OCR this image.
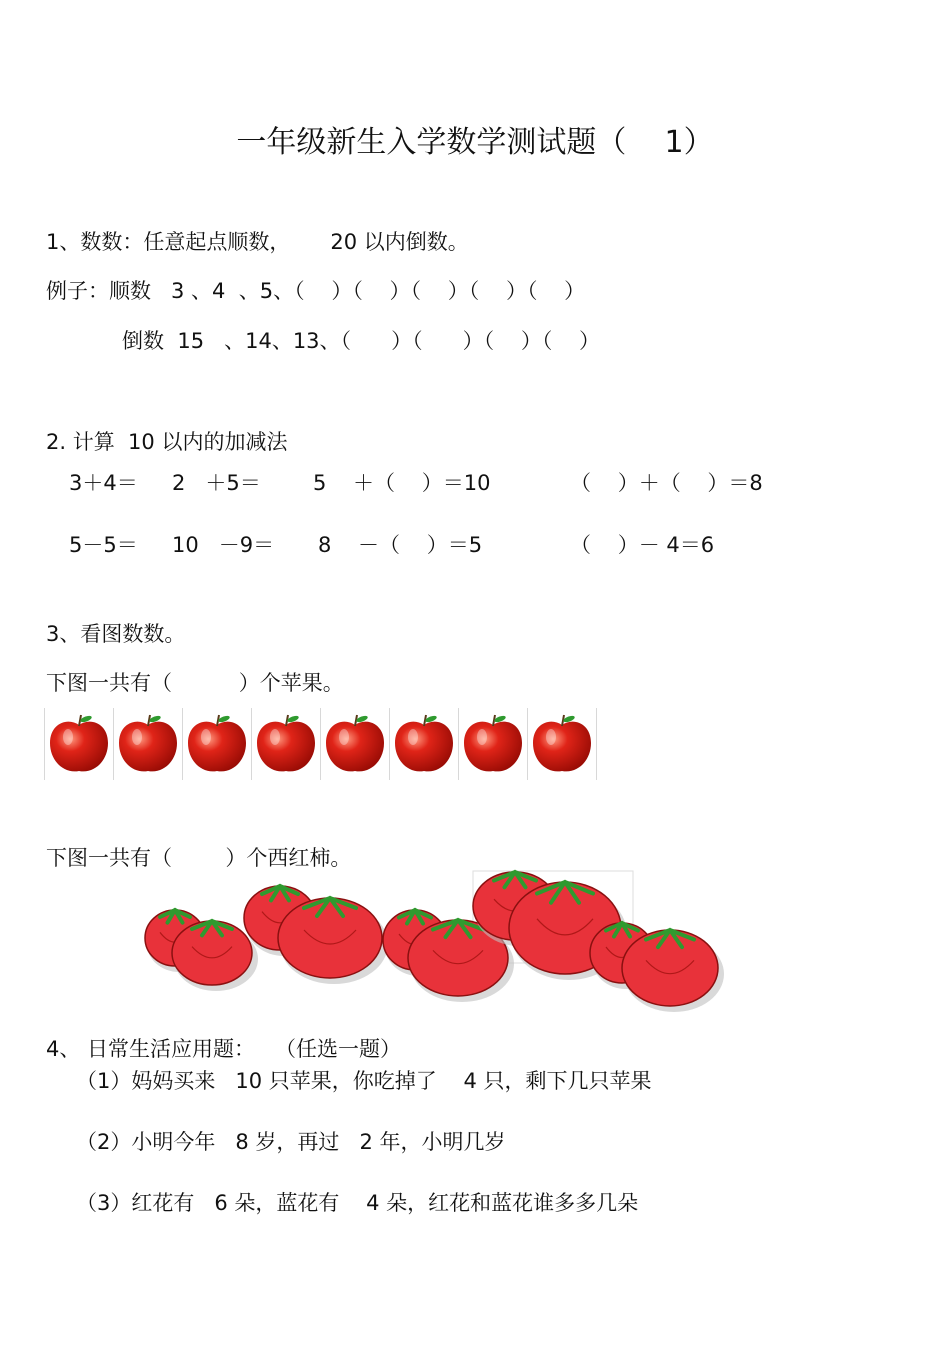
一年级新生入学数学测试题（    1）
1、数数：任意起点顺数，      20 以内倒数。
例子：顺数   3 、4  、5、（    ）（    ）（    ）（    ）（    ）
倒数  15   、14、13、（      ）（      ）（    ）（    ）
2. 计算  10 以内的加减法
3＋4＝ 2   ＋5＝ 5    ＋（    ）＝10	（    ）＋（    ）＝8
5－5＝ 10   －9＝ 8    －（    ）＝5	（    ）－ 4＝6
3、看图数数。
下图一共有（          ）个苹果。
下图一共有（        ）个西红柿。
4、 日常生活应用题：   （任选一题）
（1）妈妈买来   10 只苹果，你吃掉了    4 只，剩下几只苹果
（2）小明今年   8 岁，再过   2 年，小明几岁
（3）红花有   6 朵，蓝花有    4 朵，红花和蓝花谁多多几朵
